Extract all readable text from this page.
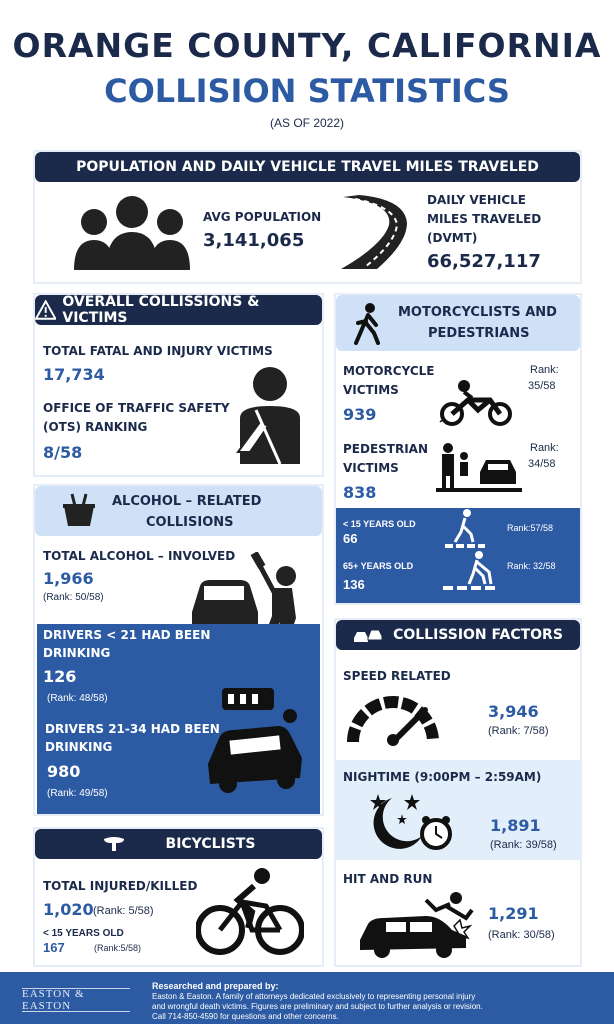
ORANGE COUNTY, CALIFORNIA
COLLISION STATISTICS
(AS OF 2022)
POPULATION AND DAILY VEHICLE TRAVEL MILES TRAVELED
AVG POPULATION
3,141,065
DAILY VEHICLE
MILES TRAVELED
(DVMT)
66,527,117
OVERALL COLLISSIONS & VICTIMS
TOTAL FATAL AND INJURY VICTIMS
17,734
OFFICE OF TRAFFIC SAFETY
(OTS) RANKING
8/58
ALCOHOL – RELATED
COLLISIONS
TOTAL ALCOHOL – INVOLVED
1,966
(Rank: 50/58)
DRIVERS < 21 HAD BEEN
DRINKING
126
(Rank: 48/58)
DRIVERS 21-34 HAD BEEN
DRINKING
980
(Rank: 49/58)
BICYCLISTS
TOTAL INJURED/KILLED
1,020 (Rank: 5/58)
< 15 YEARS OLD
167	(Rank:5/58)
MOTORCYCLISTS AND
PEDESTRIANS
MOTORCYCLE
VICTIMS
939
Rank:
35/58
PEDESTRIAN
VICTIMS
838
Rank:
34/58
< 15 YEARS OLD
66
Rank:57/58
65+ YEARS OLD
136
Rank: 32/58
COLLISSION FACTORS
SPEED RELATED
3,946
(Rank: 7/58)
NIGHTIME (9:00PM – 2:59AM)
1,891
(Rank: 39/58)
HIT AND RUN
1,291
(Rank: 30/58)
EASTON & EASTON
Researched and prepared by:
Easton & Easton. A family of attorneys dedicated exclusively to representing personal injury
and wrongful death victims. Figures are preliminary and subject to further analysis or revision.
Call 714-850-4590 for questions and other concerns.
